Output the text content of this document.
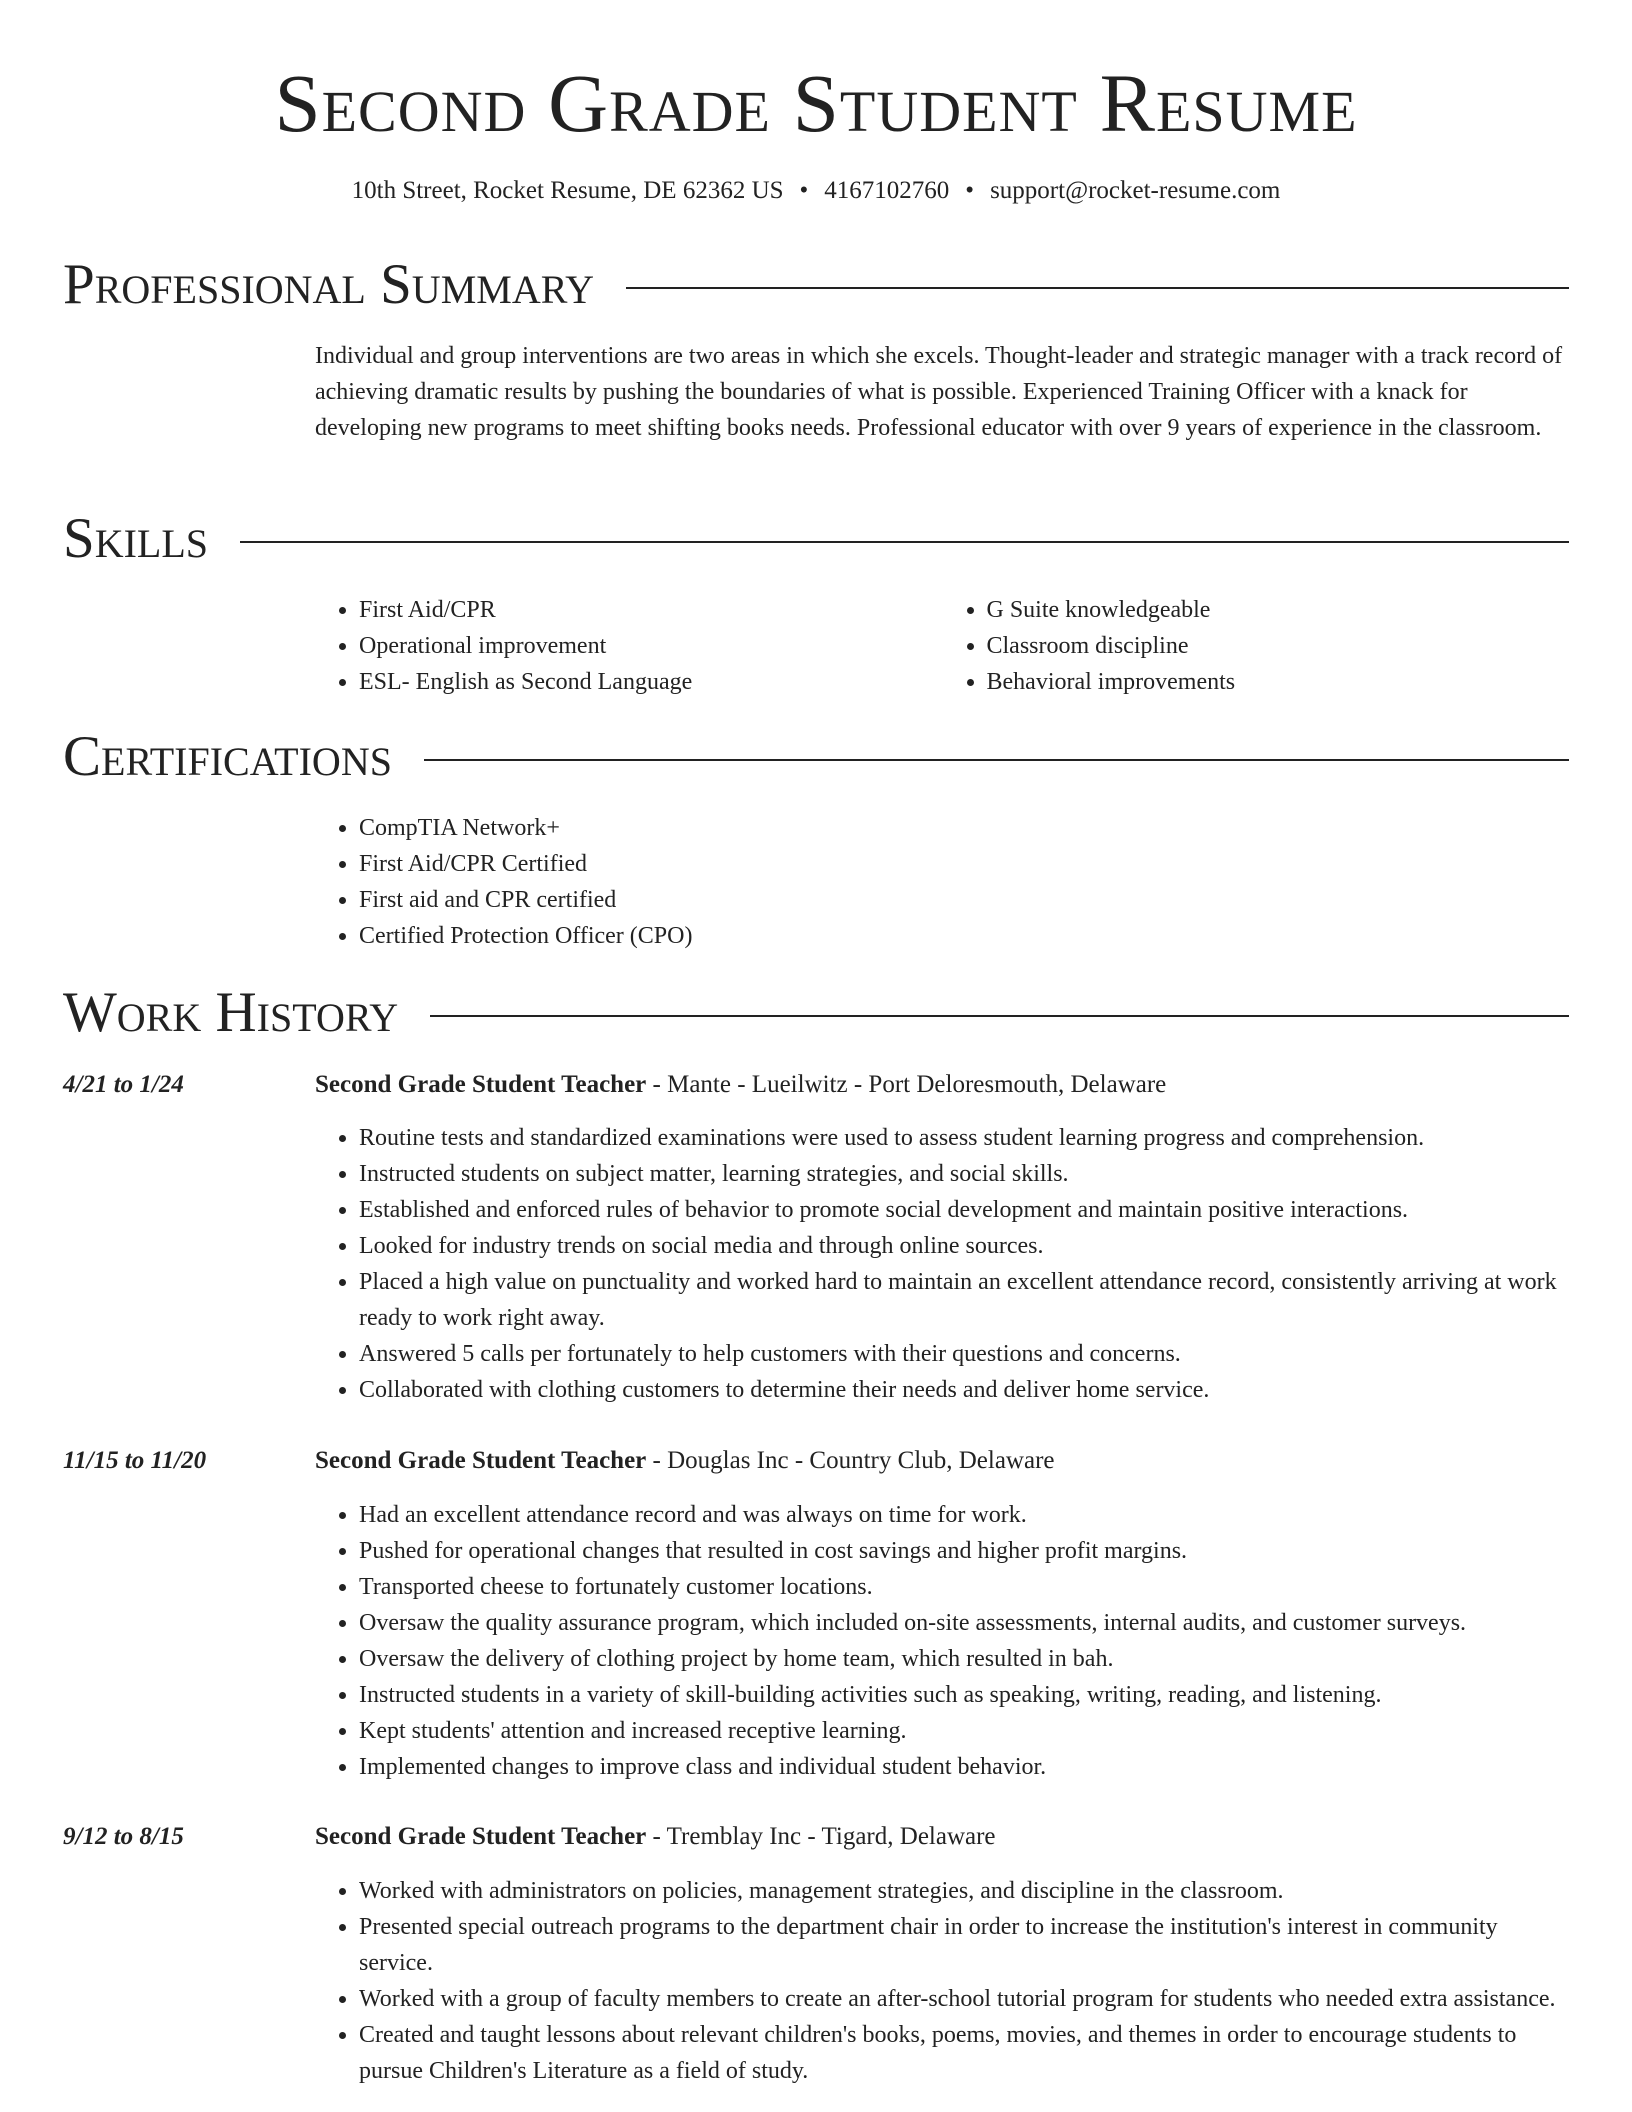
Second Grade Student Resume
10th Street, Rocket Resume, DE 62362 US • 4167102760 • support@rocket-resume.com
Professional Summary

Individual and group interventions are two areas in which she excels. Thought-leader and strategic manager with a track record of achieving dramatic results by pushing the boundaries of what is possible. Experienced Training Officer with a knack for developing new programs to meet shifting books needs. Professional educator with over 9 years of experience in the classroom.

Skills
• First Aid/CPR
• Operational improvement
• ESL- English as Second Language
• G Suite knowledgeable
• Classroom discipline
• Behavioral improvements
Certifications
• CompTIA Network+
• First Aid/CPR Certified
• First aid and CPR certified
• Certified Protection Officer (CPO)
Work History
4/21 to 1/24	Second Grade Student Teacher - Mante - Lueilwitz - Port Deloresmouth, Delaware
• Routine tests and standardized examinations were used to assess student learning progress and comprehension.
• Instructed students on subject matter, learning strategies, and social skills.
• Established and enforced rules of behavior to promote social development and maintain positive interactions.
• Looked for industry trends on social media and through online sources.
• Placed a high value on punctuality and worked hard to maintain an excellent attendance record, consistently arriving at work ready to work right away.
• Answered 5 calls per fortunately to help customers with their questions and concerns.
• Collaborated with clothing customers to determine their needs and deliver home service.
11/15 to 11/20	Second Grade Student Teacher - Douglas Inc - Country Club, Delaware
• Had an excellent attendance record and was always on time for work.
• Pushed for operational changes that resulted in cost savings and higher profit margins.
• Transported cheese to fortunately customer locations.
• Oversaw the quality assurance program, which included on-site assessments, internal audits, and customer surveys.
• Oversaw the delivery of clothing project by home team, which resulted in bah.
• Instructed students in a variety of skill-building activities such as speaking, writing, reading, and listening.
• Kept students' attention and increased receptive learning.
• Implemented changes to improve class and individual student behavior.
9/12 to 8/15	Second Grade Student Teacher - Tremblay Inc - Tigard, Delaware
• Worked with administrators on policies, management strategies, and discipline in the classroom.
• Presented special outreach programs to the department chair in order to increase the institution's interest in community service.
• Worked with a group of faculty members to create an after-school tutorial program for students who needed extra assistance.
• Created and taught lessons about relevant children's books, poems, movies, and themes in order to encourage students to pursue Children's Literature as a field of study.
